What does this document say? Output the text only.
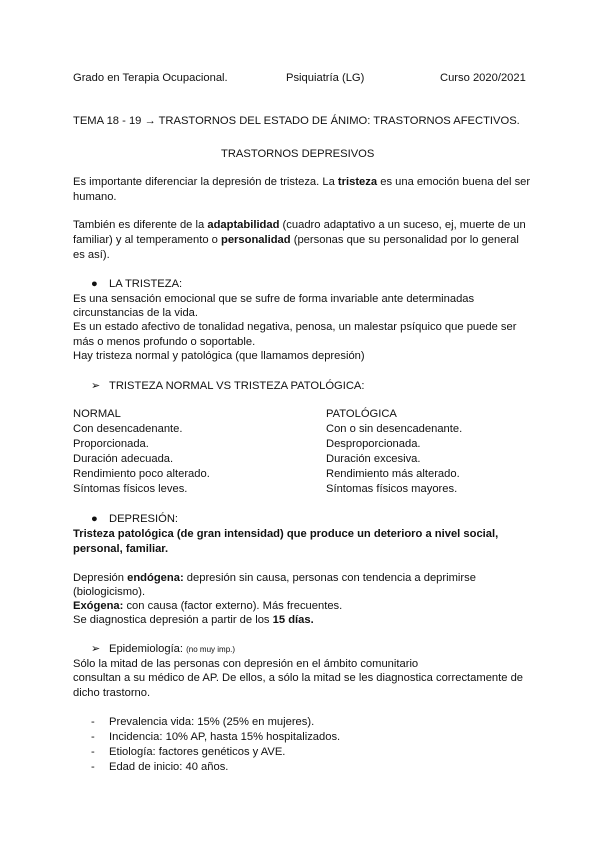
Grado en Terapia Ocupacional.	Psiquiatría (LG)	Curso 2020/2021
TEMA 18 - 19 → TRASTORNOS DEL ESTADO DE ÁNIMO: TRASTORNOS AFECTIVOS.
TRASTORNOS DEPRESIVOS
Es importante diferenciar la depresión de tristeza. La tristeza es una emoción buena del ser
humano.
También es diferente de la adaptabilidad (cuadro adaptativo a un suceso, ej, muerte de un
familiar) y al temperamento o personalidad (personas que su personalidad por lo general
es así).
● LA TRISTEZA:
Es una sensación emocional que se sufre de forma invariable ante determinadas
circunstancias de la vida.
Es un estado afectivo de tonalidad negativa, penosa, un malestar psíquico que puede ser
más o menos profundo o soportable.
Hay tristeza normal y patológica (que llamamos depresión)
➢ TRISTEZA NORMAL VS TRISTEZA PATOLÓGICA:
NORMAL
Con desencadenante.
Proporcionada.
Duración adecuada.
Rendimiento poco alterado.
Síntomas físicos leves.
PATOLÓGICA
Con o sin desencadenante.
Desproporcionada.
Duración excesiva.
Rendimiento más alterado.
Síntomas físicos mayores.
● DEPRESIÓN:
Tristeza patológica (de gran intensidad) que produce un deterioro a nivel social,
personal, familiar.
Depresión endógena: depresión sin causa, personas con tendencia a deprimirse
(biologicismo).
Exógena: con causa (factor externo). Más frecuentes.
Se diagnostica depresión a partir de los 15 días.
➢ Epidemiología: (no muy imp.)
Sólo la mitad de las personas con depresión en el ámbito comunitario
consultan a su médico de AP. De ellos, a sólo la mitad se les diagnostica correctamente de
dicho trastorno.
- Prevalencia vida: 15% (25% en mujeres).
- Incidencia: 10% AP, hasta 15% hospitalizados.
- Etiología: factores genéticos y AVE.
- Edad de inicio: 40 años.
